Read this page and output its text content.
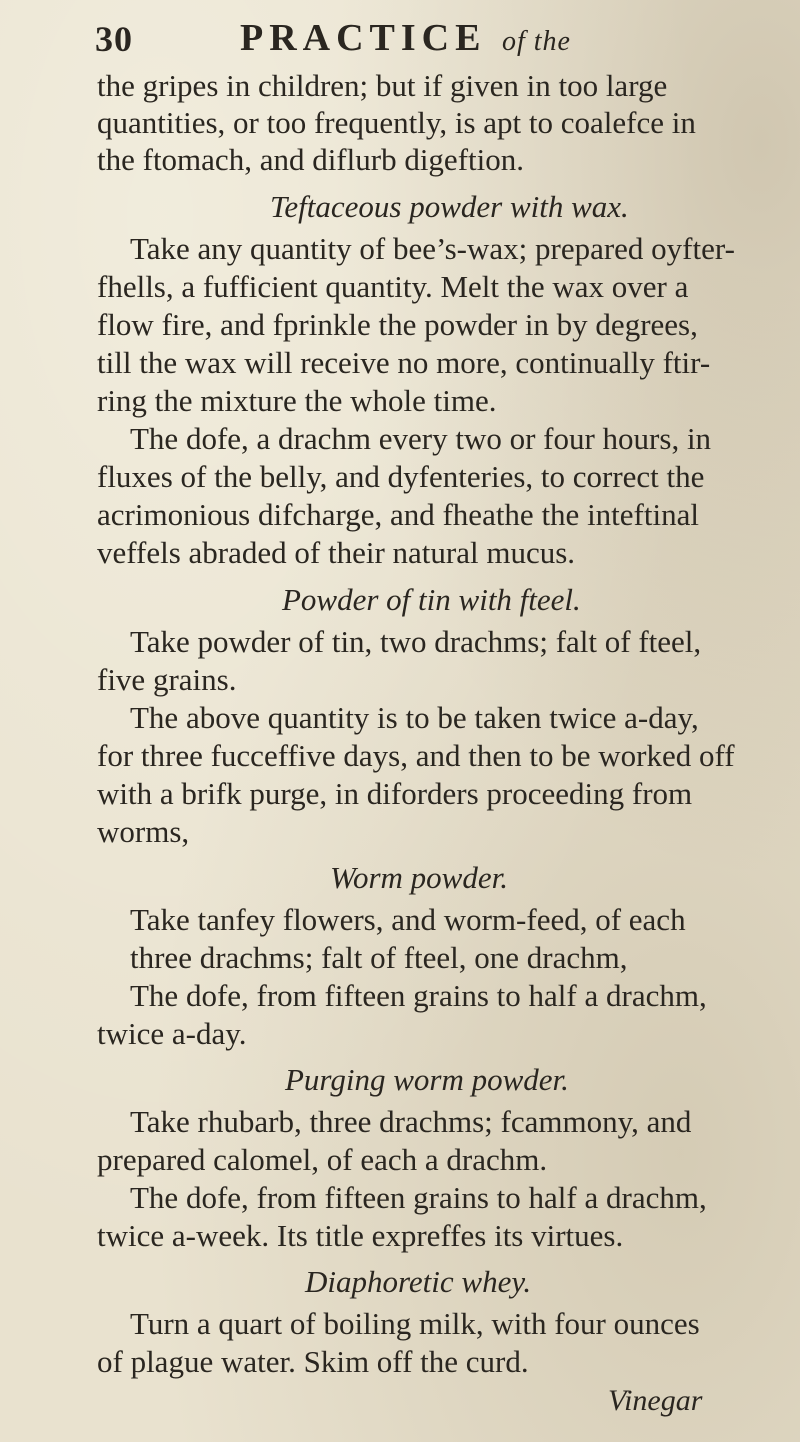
30	PRACTICE of the
the gripes in children; but if given in too large
quantities, or too frequently, is apt to coalefce in
the ftomach, and diflurb digeftion.
Teftaceous powder with wax.
Take any quantity of bee’s-wax; prepared oyfter-
fhells, a fufficient quantity. Melt the wax over a
flow fire, and fprinkle the powder in by degrees,
till the wax will receive no more, continually ftir-
ring the mixture the whole time.
The dofe, a drachm every two or four hours, in
fluxes of the belly, and dyfenteries, to correct the
acrimonious difcharge, and fheathe the inteftinal
veffels abraded of their natural mucus.
Powder of tin with fteel.
Take powder of tin, two drachms; falt of fteel,
five grains.
The above quantity is to be taken twice a-day,
for three fucceffive days, and then to be worked off
with a brifk purge, in diforders proceeding from
worms,
Worm powder.
Take tanfey flowers, and worm-feed, of each
three drachms; falt of fteel, one drachm,
The dofe, from fifteen grains to half a drachm,
twice a-day.
Purging worm powder.
Take rhubarb, three drachms; fcammony, and
prepared calomel, of each a drachm.
The dofe, from fifteen grains to half a drachm,
twice a-week. Its title expreffes its virtues.
Diaphoretic whey.
Turn a quart of boiling milk, with four ounces
of plague water. Skim off the curd.
Vinegar
